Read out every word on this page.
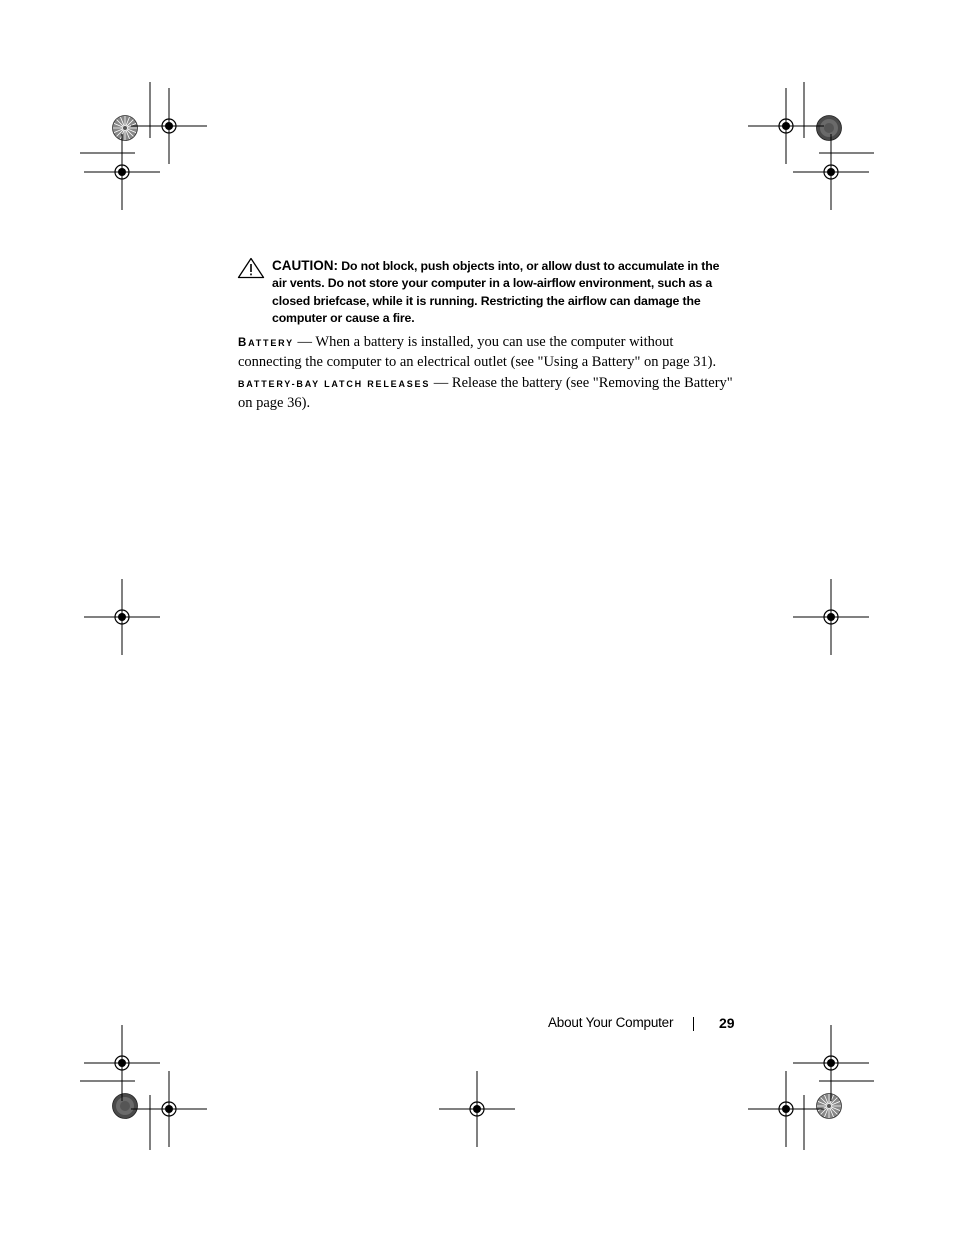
CAUTION: Do not block, push objects into, or allow dust to accumulate in the air vents. Do not store your computer in a low-airflow environment, such as a closed briefcase, while it is running. Restricting the airflow can damage the computer or cause a fire.
BATTERY — When a battery is installed, you can use the computer without connecting the computer to an electrical outlet (see "Using a Battery" on page 31).
BATTERY-BAY LATCH RELEASES — Release the battery (see "Removing the Battery" on page 36).
About Your Computer	29
